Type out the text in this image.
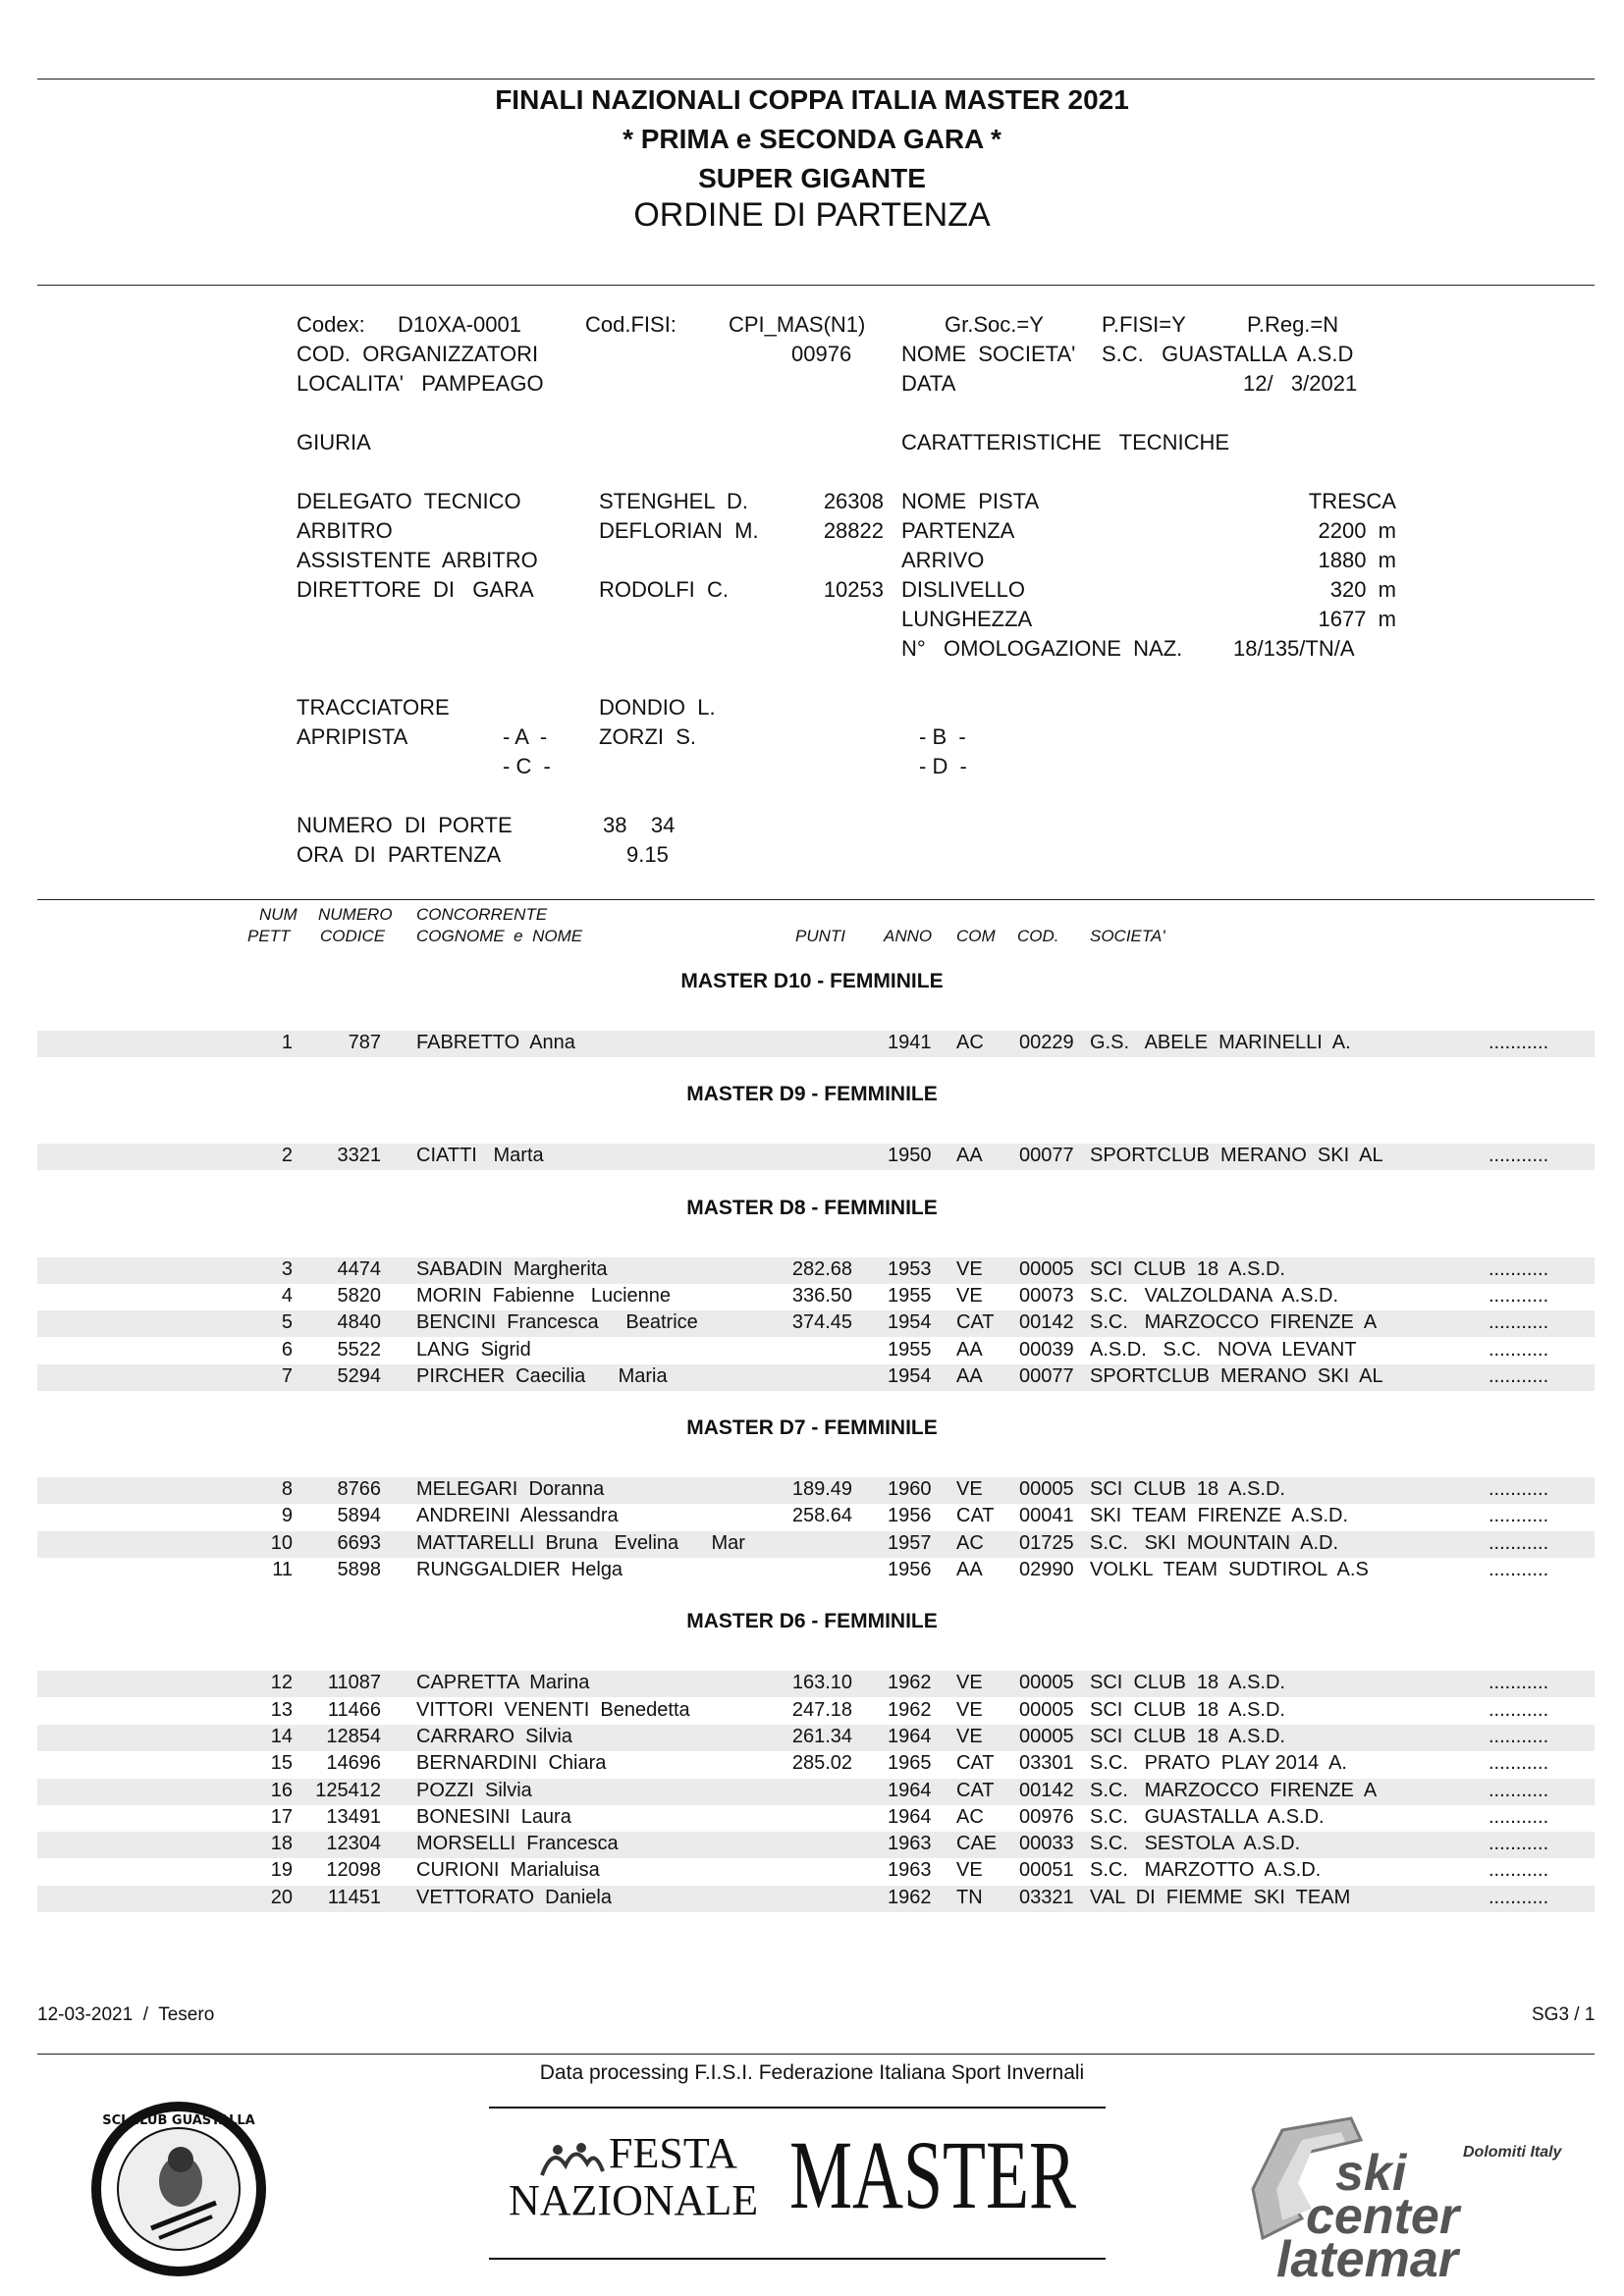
FINALI NAZIONALI COPPA ITALIA MASTER 2021
* PRIMA e SECONDA GARA *
SUPER GIGANTE
ORDINE DI PARTENZA
Codex: D10XA-0001	Cod.FISI: CPI_MAS(N1)	Gr.Soc.=Y	P.FISI=Y	P.Reg.=N
COD.  ORGANIZZATORI	00976 NOME  SOCIETA' S.C.   GUASTALLA  A.S.D
LOCALITA'   PAMPEAGO	DATA	12/   3/2021
GIURIA	CARATTERISTICHE   TECNICHE
DELEGATO  TECNICO	STENGHEL  D.	26308
ARBITRO	DEFLORIAN  M.	28822
ASSISTENTE  ARBITRO
DIRETTORE  DI   GARA	RODOLFI  C.	10253
NOME  PISTA	TRESCA
PARTENZA	2200  m
ARRIVO	1880  m
DISLIVELLO	320  m
LUNGHEZZA	1677  m
N°   OMOLOGAZIONE  NAZ. 18/135/TN/A
TRACCIATORE	DONDIO  L.
APRIPISTA	- A  - ZORZI  S.	- B  -
- C  -	- D  -
NUMERO  DI  PORTE	38    34
ORA  DI  PARTENZA	9.15
NUM
PETT
NUMERO
CODICE
CONCORRENTE
COGNOME  e  NOME	PUNTI ANNO COM COD. SOCIETA'
MASTER D10 - FEMMINILE
1	787 FABRETTO  Anna	1941	AC	00229 G.S.   ABELE  MARINELLI  A.	...........
MASTER D9 - FEMMINILE
2	3321 CIATTI   Marta	1950	AA	00077 SPORTCLUB  MERANO  SKI  AL	...........
MASTER D8 - FEMMINILE
3	4474 SABADIN  Margherita	282.68 1953	VE	00005 SCI  CLUB  18  A.S.D.	...........
4	5820 MORIN  Fabienne   Lucienne	336.50 1955	VE	00073 S.C.   VALZOLDANA  A.S.D.	...........
5	4840 BENCINI  Francesca     Beatrice	374.45 1954	CAT	00142 S.C.   MARZOCCO  FIRENZE  A	...........
6	5522 LANG  Sigrid	1955	AA	00039 A.S.D.   S.C.   NOVA  LEVANT	...........
7	5294 PIRCHER  Caecilia      Maria	1954	AA	00077 SPORTCLUB  MERANO  SKI  AL	...........
MASTER D7 - FEMMINILE
8	8766 MELEGARI  Doranna	189.49 1960	VE	00005 SCI  CLUB  18  A.S.D.	...........
9	5894 ANDREINI  Alessandra	258.64 1956	CAT	00041 SKI  TEAM  FIRENZE  A.S.D.	...........
10	6693 MATTARELLI  Bruna   Evelina      Mar	1957	AC	01725 S.C.   SKI  MOUNTAIN  A.D.	...........
11	5898 RUNGGALDIER  Helga	1956	AA	02990 VOLKL  TEAM  SUDTIROL  A.S	...........
MASTER D6 - FEMMINILE
12	11087 CAPRETTA  Marina	163.10 1962	VE	00005 SCI  CLUB  18  A.S.D.	...........
13	11466 VITTORI  VENENTI  Benedetta	247.18 1962	VE	00005 SCI  CLUB  18  A.S.D.	...........
14	12854 CARRARO  Silvia	261.34 1964	VE	00005 SCI  CLUB  18  A.S.D.	...........
15	14696 BERNARDINI  Chiara	285.02 1965	CAT	03301 S.C.   PRATO  PLAY 2014  A.	...........
16	125412 POZZI  Silvia	1964	CAT	00142 S.C.   MARZOCCO  FIRENZE  A	...........
17	13491 BONESINI  Laura	1964	AC	00976 S.C.   GUASTALLA  A.S.D.	...........
18	12304 MORSELLI  Francesca	1963	CAE	00033 S.C.   SESTOLA  A.S.D.	...........
19	12098 CURIONI  Marialuisa	1963	VE	00051 S.C.   MARZOTTO  A.S.D.	...........
20	11451 VETTORATO  Daniela	1962	TN	03321 VAL  DI  FIEMME  SKI  TEAM	...........
12-03-2021  /  Tesero	SG3 / 1
Data processing F.I.S.I. Federazione Italiana Sport Invernali
SCI CLUB GUASTALLA
FESTA
NAZIONALE MASTER	ski
center
latemar
Dolomiti Italy
